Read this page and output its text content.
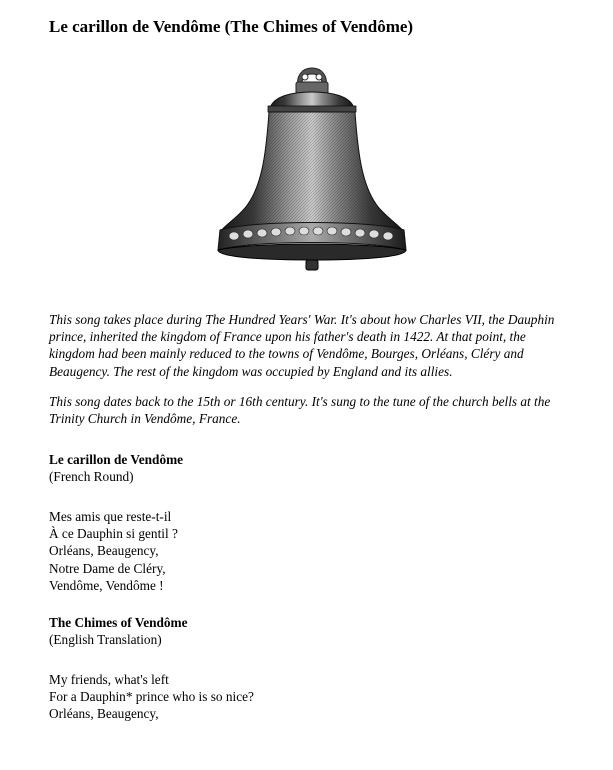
Le carillon de Vendôme (The Chimes of Vendôme)
This song takes place during The Hundred Years' War. It's about how Charles VII, the Dauphin prince, inherited the kingdom of France upon his father's death in 1422. At that point, the kingdom had been mainly reduced to the towns of Vendôme, Bourges, Orléans, Cléry and Beaugency. The rest of the kingdom was occupied by England and its allies.
This song dates back to the 15th or 16th century. It's sung to the tune of the church bells at the Trinity Church in Vendôme, France.
Le carillon de Vendôme
(French Round)
Mes amis que reste-t-il
À ce Dauphin si gentil ?
Orléans, Beaugency,
Notre Dame de Cléry,
Vendôme, Vendôme !
The Chimes of Vendôme
(English Translation)
My friends, what's left
For a Dauphin* prince who is so nice?
Orléans, Beaugency,
